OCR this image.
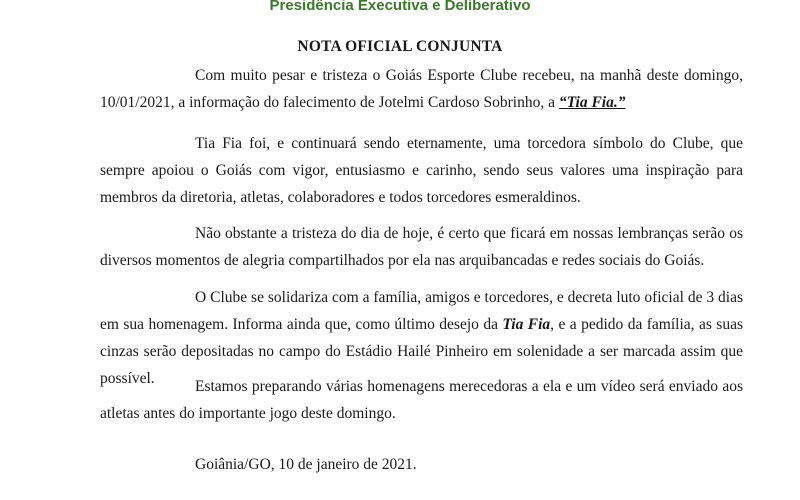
Presidência Executiva e Deliberativo
NOTA OFICIAL CONJUNTA

Com muito pesar e tristeza o Goiás Esporte Clube recebeu, na manhã deste domingo, 10/01/2021, a informação do falecimento de Jotelmi Cardoso Sobrinho, a “Tia Fia.”

Tia Fia foi, e continuará sendo eternamente, uma torcedora símbolo do Clube, que sempre apoiou o Goiás com vigor, entusiasmo e carinho, sendo seus valores uma inspiração para membros da diretoria, atletas, colaboradores e todos torcedores esmeraldinos.

Não obstante a tristeza do dia de hoje, é certo que ficará em nossas lembranças serão os diversos momentos de alegria compartilhados por ela nas arquibancadas e redes sociais do Goiás.

O Clube se solidariza com a família, amigos e torcedores, e decreta luto oficial de 3 dias em sua homenagem. Informa ainda que, como último desejo da Tia Fia, e a pedido da família, as suas cinzas serão depositadas no campo do Estádio Hailé Pinheiro em solenidade a ser marcada assim que possível.	Estamos preparando várias homenagens merecedoras a ela e um vídeo será enviado aos atletas antes do importante jogo deste domingo.

Goiânia/GO, 10 de janeiro de 2021.
